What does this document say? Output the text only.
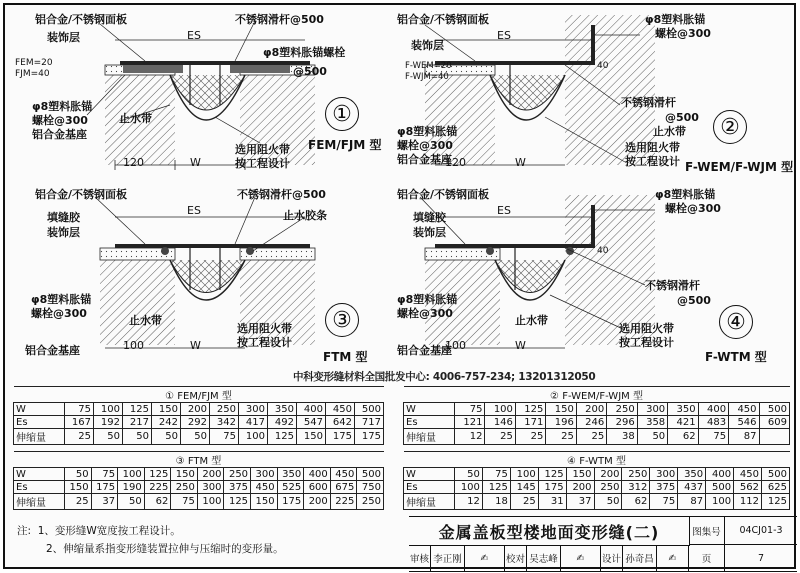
铝合金/不锈钢面板
装饰层
不锈钢滑杆@500
ES
φ8塑料胀锚螺栓
@500
FEM=20
FJM=40
φ8塑料胀锚
螺栓@300
铝合金基座
止水带
选用阻火带
按工程设计
120	W
①
FEM/FJM 型
铝合金/不锈钢面板
装饰层
φ8塑料胀锚
螺栓@300
ES
F-WEM=20
F-WJM=40
40
不锈钢滑杆
@500
止水带
φ8塑料胀锚
螺栓@300
铝合金基座
选用阻火带
按工程设计
120	W
②
F-WEM/F-WJM 型
铝合金/不锈钢面板	不锈钢滑杆@500
ES
填缝胶	止水胶条
装饰层
φ8塑料胀锚
螺栓@300
止水带
选用阻火带
按工程设计
铝合金基座	100	W
③
FTM 型
铝合金/不锈钢面板	φ8塑料胀锚
螺栓@300
ES
填缝胶
装饰层
40
不锈钢滑杆
@500
φ8塑料胀锚
螺栓@300
止水带
选用阻火带
按工程设计
铝合金基座
100	W
④
F-WTM 型
中科变形缝材料全国批发中心: 4006-757-234; 13201312050
① FEM/FJM 型											
W	75	100	125	150	200	250	300	350	400	450	500
Es	167	192	217	242	292	342	417	492	547	642	717
伸缩量	25	50	50	50	50	75	100	125	150	175	175
② F-WEM/F-WJM 型											
W	75	100	125	150	200	250	300	350	400	450	500
Es	121	146	171	196	246	296	358	421	483	546	609
伸缩量	12	25	25	25	25	38	50	62	75	87	
③ FTM 型												
W	50	75	100	125	150	200	250	300	350	400	450	500
Es	150	175	190	225	250	300	375	450	525	600	675	750
伸缩量	25	37	50	62	75	100	125	150	175	200	225	250
④ F-WTM 型												
W	50	75	100	125	150	200	250	300	350	400	450	500
Es	100	125	145	175	200	250	312	375	437	500	562	625
伸缩量	12	18	25	31	37	50	62	75	87	100	112	125
注: 1、变形缝W宽度按工程设计。
2、伸缩量系指变形缝装置拉伸与压缩时的变形量。
金属盖板型楼地面变形缝(二)	图集号	04CJ01-3
审核 李正刚	✍	校对 吴志峰	✍	设计 孙奇昌	✍	页	7
